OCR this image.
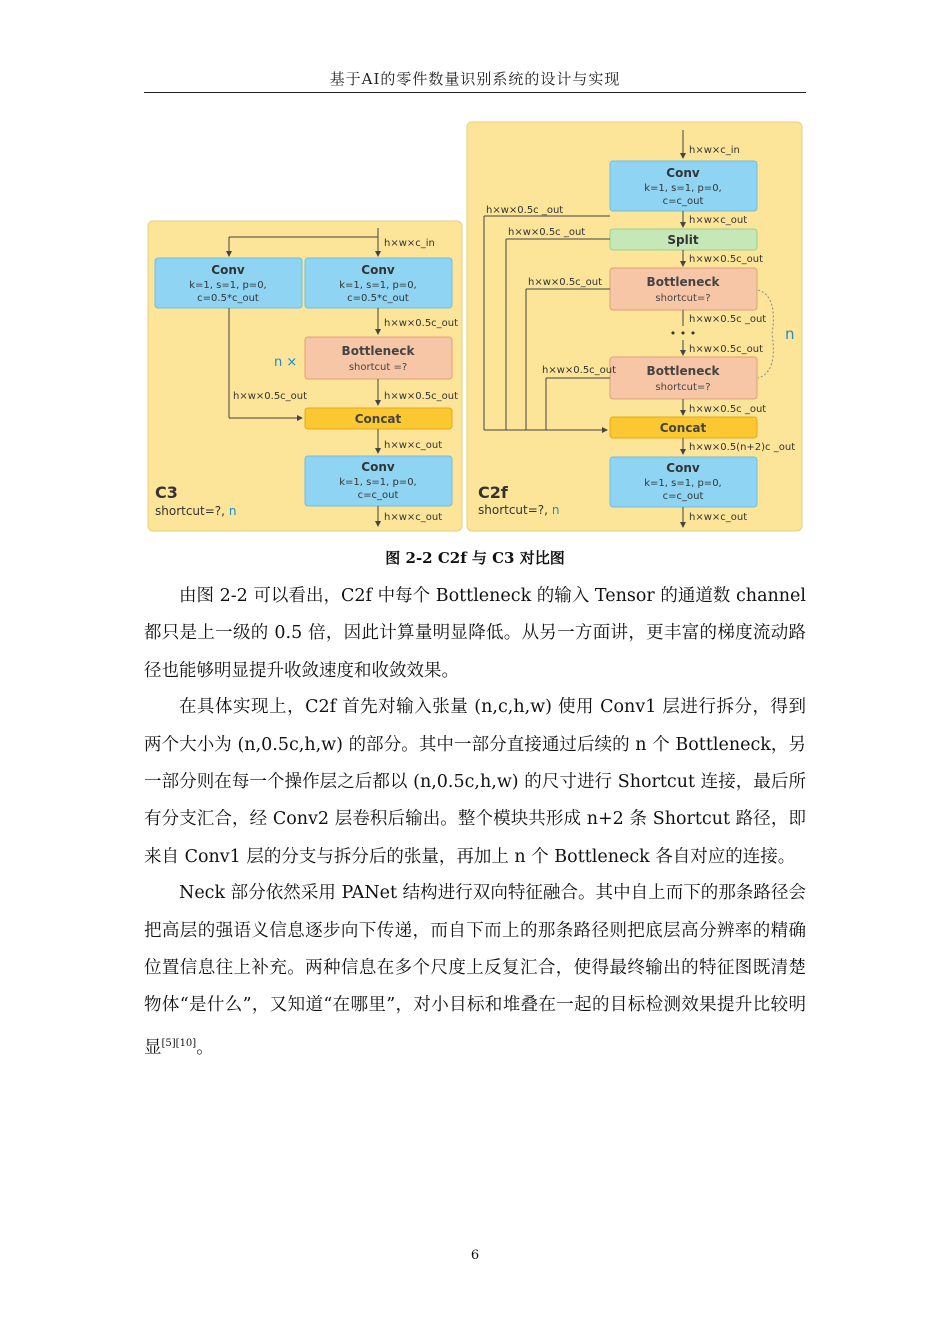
基于AI的零件数量识别系统的设计与实现
h×w×c_in
Conv
k=1, s=1, p=0,
c=0.5*c_out
Conv
k=1, s=1, p=0,
c=0.5*c_out
h×w×0.5c_out
Bottleneck
shortcut =?
n ×
h×w×0.5c_out
h×w×0.5c_out
Concat
h×w×c_out
Conv
k=1, s=1, p=0,
c=c_out
h×w×c_out
C3
shortcut=?, n
h×w×c_in
Conv
k=1, s=1, p=0,
c=c_out
h×w×c_out
h×w×0.5c _out
Split
h×w×0.5c _out
h×w×0.5c_out
Bottleneck
shortcut=?
h×w×0.5c_out
h×w×0.5c _out
• • •
h×w×0.5c_out
Bottleneck
shortcut=?
h×w×0.5c_out
n
h×w×0.5c _out
Concat
h×w×0.5(n+2)c _out
Conv
k=1, s=1, p=0,
c=c_out
h×w×c_out
C2f
shortcut=?, n
图 2-2 C2f 与 C3 对比图

由图 2-2 可以看出，C2f 中每个 Bottleneck 的输入 Tensor 的通道数 channel 都只是上一级的 0.5 倍，因此计算量明显降低。从另一方面讲，更丰富的梯度流动路径也能够明显提升收敛速度和收敛效果。

在具体实现上，C2f 首先对输入张量 (n,c,h,w) 使用 Conv1 层进行拆分，得到两个大小为 (n,0.5c,h,w) 的部分。其中一部分直接通过后续的 n 个 Bottleneck，另一部分则在每一个操作层之后都以 (n,0.5c,h,w) 的尺寸进行 Shortcut 连接，最后所有分支汇合，经 Conv2 层卷积后输出。整个模块共形成 n+2 条 Shortcut 路径，即来自 Conv1 层的分支与拆分后的张量，再加上 n 个 Bottleneck 各自对应的连接。

Neck 部分依然采用 PANet 结构进行双向特征融合。其中自上而下的那条路径会把高层的强语义信息逐步向下传递，而自下而上的那条路径则把底层高分辨率的精确位置信息往上补充。两种信息在多个尺度上反复汇合，使得最终输出的特征图既清楚物体“是什么”，又知道“在哪里”，对小目标和堆叠在一起的目标检测效果提升比较明显[5][10]。

6
